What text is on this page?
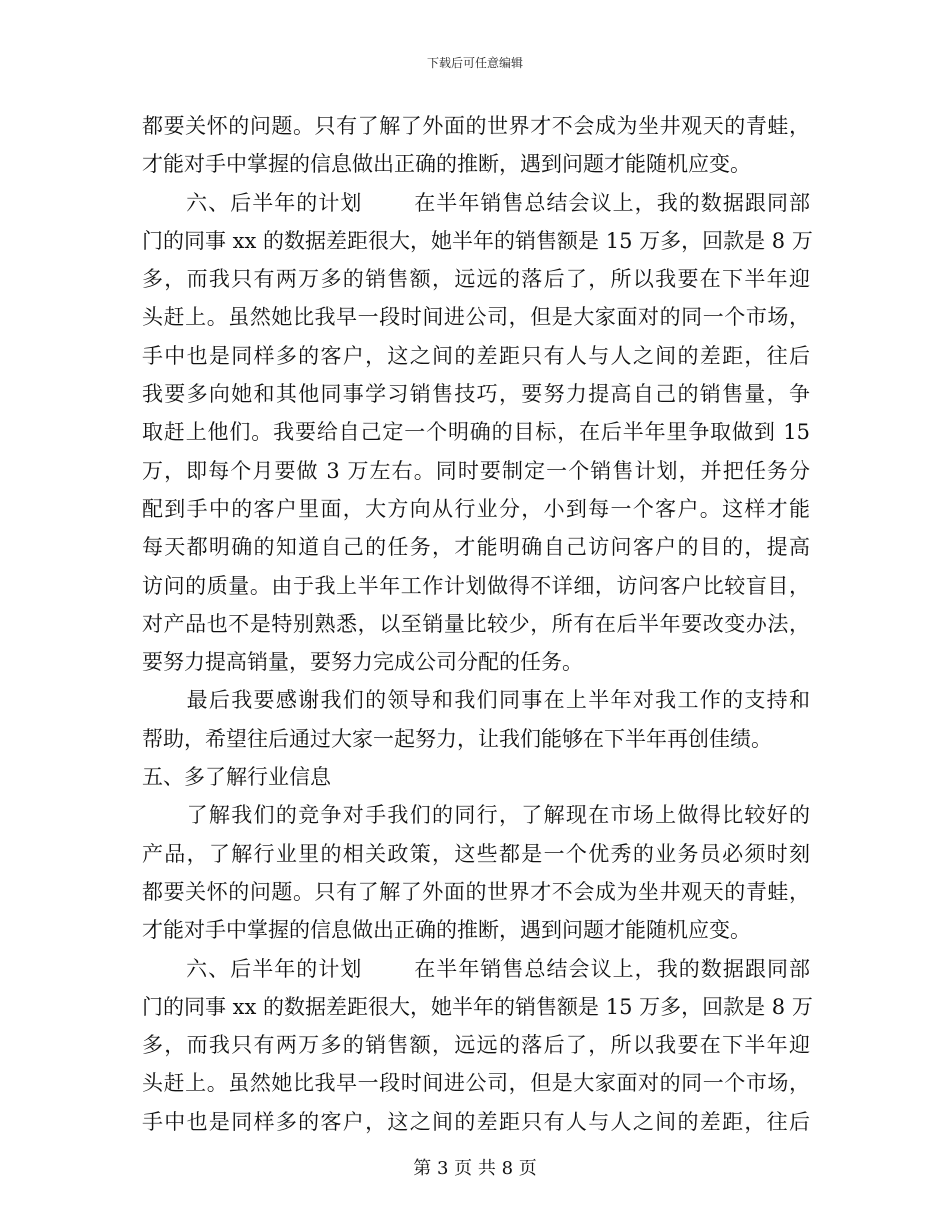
下载后可任意编辑
都要关怀的问题。只有了解了外面的世界才不会成为坐井观天的青蛙，
才能对手中掌握的信息做出正确的推断，遇到问题才能随机应变。
　　六、后半年的计划　　 在半年销售总结会议上，我的数据跟同部
门的同事 xx 的数据差距很大，她半年的销售额是 15 万多，回款是 8 万
多，而我只有两万多的销售额，远远的落后了，所以我要在下半年迎
头赶上。虽然她比我早一段时间进公司，但是大家面对的同一个市场，
手中也是同样多的客户，这之间的差距只有人与人之间的差距，往后
我要多向她和其他同事学习销售技巧，要努力提高自己的销售量，争
取赶上他们。我要给自己定一个明确的目标，在后半年里争取做到 15
万，即每个月要做 3 万左右。同时要制定一个销售计划，并把任务分
配到手中的客户里面，大方向从行业分，小到每一个客户。这样才能
每天都明确的知道自己的任务，才能明确自己访问客户的目的，提高
访问的质量。由于我上半年工作计划做得不详细，访问客户比较盲目，
对产品也不是特别熟悉，以至销量比较少，所有在后半年要改变办法，
要努力提高销量，要努力完成公司分配的任务。
　　最后我要感谢我们的领导和我们同事在上半年对我工作的支持和
帮助，希望往后通过大家一起努力，让我们能够在下半年再创佳绩。
五、多了解行业信息
　　了解我们的竞争对手我们的同行，了解现在市场上做得比较好的
产品，了解行业里的相关政策，这些都是一个优秀的业务员必须时刻
都要关怀的问题。只有了解了外面的世界才不会成为坐井观天的青蛙，
才能对手中掌握的信息做出正确的推断，遇到问题才能随机应变。
　　六、后半年的计划　　 在半年销售总结会议上，我的数据跟同部
门的同事 xx 的数据差距很大，她半年的销售额是 15 万多，回款是 8 万
多，而我只有两万多的销售额，远远的落后了，所以我要在下半年迎
头赶上。虽然她比我早一段时间进公司，但是大家面对的同一个市场，
手中也是同样多的客户，这之间的差距只有人与人之间的差距，往后
第 3 页 共 8 页
